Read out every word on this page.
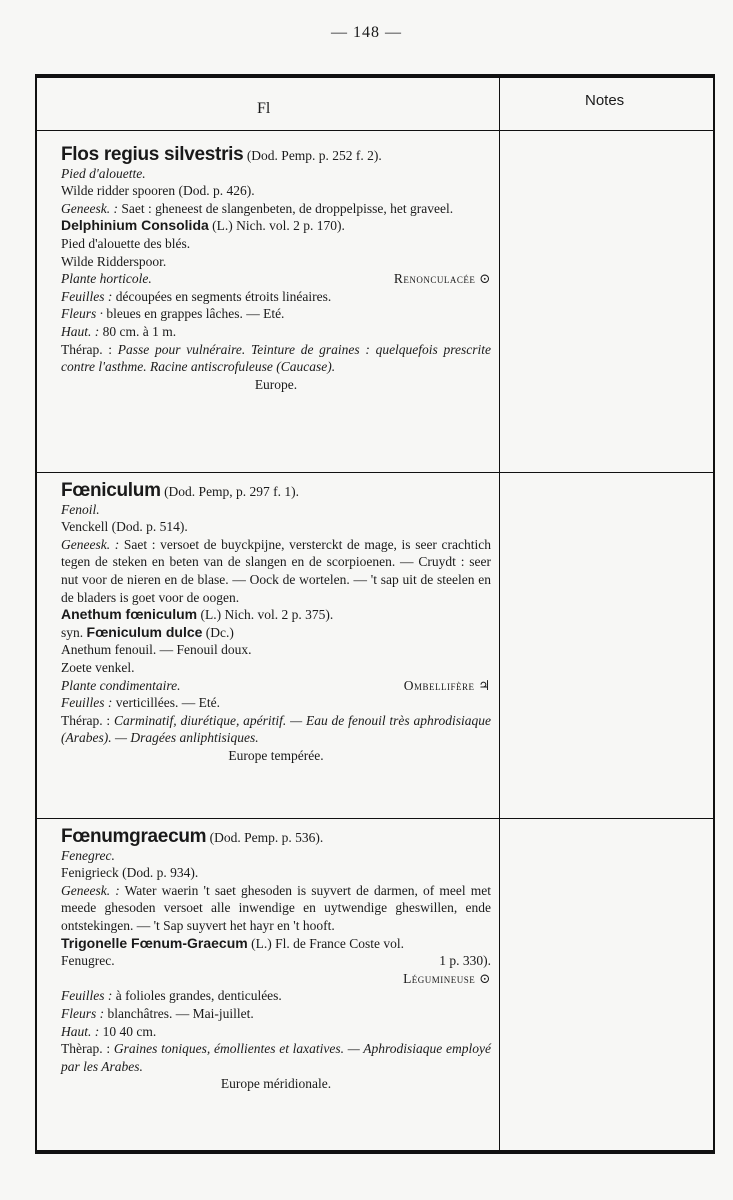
— 148 —
Fl	Notes

Flos regius silvestris (Dod. Pemp. p. 252 f. 2).

Pied d'alouette.

Wilde ridder spooren (Dod. p. 426).

Geneesk. : Saet : gheneest de slangenbeten, de droppelpisse, het graveel.

Delphinium Consolida (L.) Nich. vol. 2 p. 170).

Pied d'alouette des blés.

Wilde Ridderspoor.

Plante horticole.	Renonculacée ⊙

Feuilles : découpées en segments étroits linéaires.

Fleurs · bleues en grappes lâches. — Eté.

Haut. : 80 cm. à 1 m.

Thérap. : Passe pour vulnéraire. Teinture de graines : quelquefois prescrite contre l'asthme. Racine antiscrofuleuse (Caucase).

Europe.

Fœniculum (Dod. Pemp, p. 297 f. 1).

Fenoil.

Venckell (Dod. p. 514).

Geneesk. : Saet : versoet de buyckpijne, versterckt de mage, is seer crachtich tegen de steken en beten van de slangen en de scorpioenen. — Cruydt : seer nut voor de nieren en de blase. — Oock de wortelen. — 't sap uit de steelen en de bladers is goet voor de oogen.

Anethum fœniculum (L.) Nich. vol. 2 p. 375).

syn. Fœniculum dulce (Dc.)

Anethum fenouil. — Fenouil doux.

Zoete venkel.

Plante condimentaire.	Ombellifère ♃

Feuilles : verticillées. — Eté.

Thérap. : Carminatif, diurétique, apéritif. — Eau de fenouil très aphrodisiaque (Arabes). — Dragées anliphtisiques.

Europe tempérée.

Fœnumgraecum (Dod. Pemp. p. 536).

Fenegrec.

Fenigrieck (Dod. p. 934).

Geneesk. : Water waerin 't saet ghesoden is suyvert de darmen, of meel met meede ghesoden versoet alle inwendige en uytwendige gheswillen, ende ontstekingen. — 't Sap suyvert het hayr en 't hooft.

Trigonelle Fœnum-Graecum (L.) Fl. de France Coste vol.

Fenugrec.	1 p. 330).

Légumineuse ⊙

Feuilles : à folioles grandes, denticulées.

Fleurs : blanchâtres. — Mai-juillet.

Haut. : 10 40 cm.

Thèrap. : Graines toniques, émollientes et laxatives. — Aphrodisiaque employé par les Arabes.

Europe méridionale.
